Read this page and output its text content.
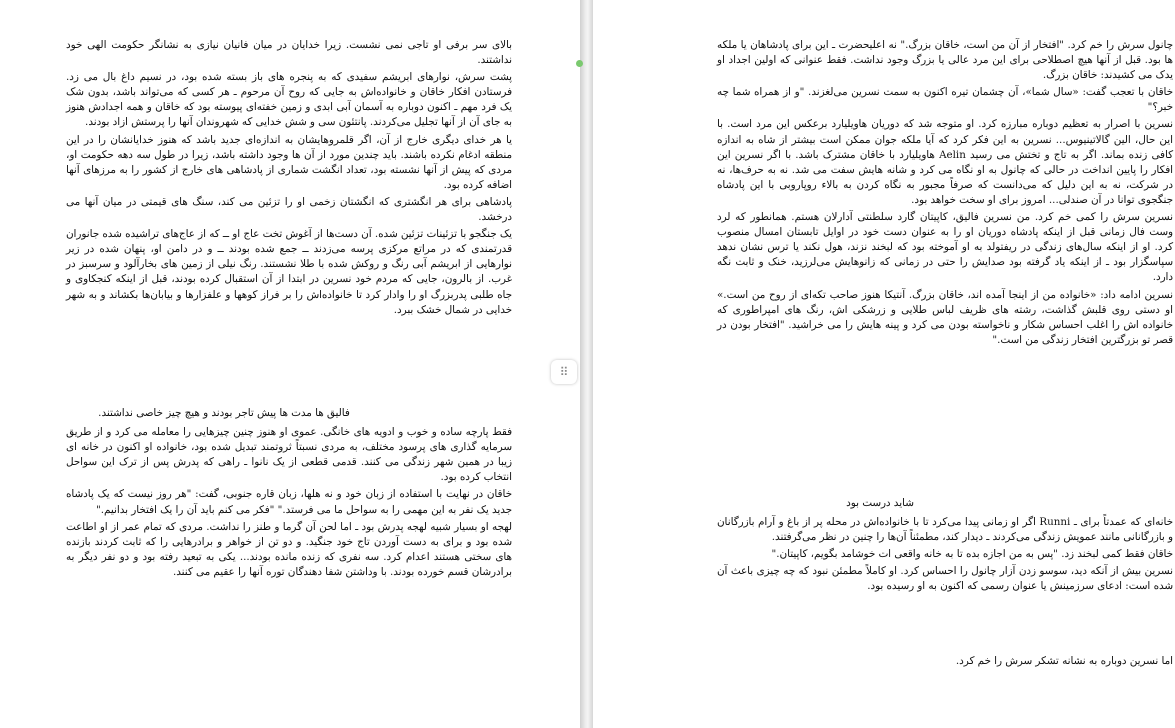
بالای سر برفی او تاجی نمی نشست. زیرا خدایان در میان فانیان نیازی به نشانگر حکومت الهی خود نداشتند.

پشت سرش، نوارهای ابریشم سفیدی که به پنجره های باز بسته شده بود، در نسیم داغ بال می زد. فرستادن افکار خاقان و خانواده‌اش به جایی که روح آن مرحوم ـ هر کسی که می‌تواند باشد، بدون شک یک فرد مهم ـ اکنون دوباره به آسمان آبی ابدی و زمین خفته‌ای پیوسته بود که خاقان و همه اجدادش هنوز به جای آن از آنها تجلیل می‌کردند. پانتئون سی و شش خدایی که شهروندان آنها را پرستش ازاد بودند.

یا هر خدای دیگری خارج از آن، اگر قلمروهایشان به اندازه‌ای جدید باشد که هنوز خدایانشان را در این منطقه ادغام نکرده باشند. باید چندین مورد از آن ها وجود داشته باشد، زیرا در طول سه دهه حکومت او، مردی که پیش از آنها نشسته بود، تعداد انگشت شماری از پادشاهی های خارج از کشور را به مرزهای آنها اضافه کرده بود.

پادشاهی برای هر انگشتری که انگشتان زخمی او را تزئین می کند، سنگ های قیمتی در میان آنها می درخشد.

یک جنگجو با تزئینات تزئین شده. آن دست‌ها از آغوش تخت عاج او ــ که از عاج‌های تراشیده شده جانوران قدرتمندی که در مراتع مرکزی پرسه می‌زدند ــ جمع شده بودند ــ و در دامن او، پنهان شده در زیر نوارهایی از ابریشم آبی رنگ و روکش شده با طلا نشستند. رنگ نیلی از زمین های بخارآلود و سرسبز در غرب. از بالرون، جایی که مردم خود نسرین در ابتدا از آن استقبال کرده بودند، قبل از اینکه کنجکاوی و جاه طلبی پدربزرگ او را وادار کرد تا خانواده‌اش را بر فراز کوهها و علفزارها و بیابان‌ها بکشاند و به شهر خدایی در شمال خشک ببرد.

فالیق ها مدت ها پیش تاجر بودند و هیچ چیز خاصی نداشتند.

فقط پارچه ساده و خوب و ادویه های خانگی. عموی او هنوز چنین چیزهایی را معامله می کرد و از طریق سرمایه گذاری های پرسود مختلف، به مردی نسبتاً ثروتمند تبدیل شده بود، خانواده او اکنون در خانه ای زیبا در همین شهر زندگی می کنند. قدمی قطعی از یک نانوا ـ راهی که پدرش پس از ترک این سواحل انتخاب کرده بود.

خاقان در نهایت با استفاده از زبان خود و نه هلها، زبان قاره جنوبی، گفت: "هر روز نیست که یک پادشاه جدید یک نفر به این مهمی را به سواحل ما می فرستد." "فکر می کنم باید آن را یک افتخار بدانیم."

لهجه او بسیار شبیه لهجه پدرش بود ـ اما لحن آن گرما و طنز را نداشت. مردی که تمام عمر از او اطاعت شده بود و برای به دست آوردن تاج خود جنگید. و دو تن از خواهر و برادرهایی را که ثابت کردند بازنده های سختی هستند اعدام کرد. سه نفری که زنده مانده بودند... یکی به تبعید رفته بود و دو نفر دیگر به برادرشان قسم خورده بودند. با وداشتن شفا دهندگان توره آنها را عقیم می کنند.

⠿

چانول سرش را خم کرد. "افتخار از آن من است، خاقان بزرگ." نه اعلیحضرت ـ این برای پادشاهان یا ملکه ها بود. قبل از آنها هیچ اصطلاحی برای این مرد عالی یا بزرگ وجود نداشت. فقط عنوانی که اولین اجداد او یدک می کشیدند: خاقان بزرگ.

خاقان با تعجب گفت: «سال شما»، آن چشمان تیره اکنون به سمت نسرین می‌لغزند. "و از همراه شما چه خبر؟"

نسرین با اصرار به تعظیم دوباره مبارزه کرد. او متوجه شد که دوریان هاویلیارد برعکس این مرد است. با این حال، الین گالاتینیوس... نسرین به این فکر کرد که آیا ملکه جوان ممکن است بیشتر از شاه به اندازه کافی زنده بماند. اگر به تاج و تختش می رسید Aelin هاویلیارد با خاقان مشترک باشد. با اگر نسرین این افکار را پایین انداخت در حالی که چانول به او نگاه می کرد و شانه هایش سفت می شد. نه به حرف‌ها، نه در شرکت، نه به این دلیل که می‌دانست که صرفاً مجبور به نگاه کردن به بالاء روپاروبی با این پادشاه جنگجوی توانا در آن صندلی... امروز برای او سخت خواهد بود.

نسرین سرش را کمی خم کرد. من نسرین فالیق، کاپیتان گارد سلطنتی آدارلان هستم. همانطور که لرد وست فال زمانی قبل از اینکه پادشاه دوریان او را به عنوان دست خود در اوایل تابستان امسال منصوب کرد. او از اینکه سال‌های زندگی در ریفتولد به او آموخته بود که لبخند نزند، هول نکند یا ترس نشان ندهد سپاسگزار بود ـ از اینکه یاد گرفته بود صدایش را حتی در زمانی که زانوهایش می‌لرزید، خنک و ثابت نگه دارد.

نسرین ادامه داد: «خانواده من از اینجا آمده اند، خاقان بزرگ. آنتیکا هنوز صاحب تکه‌ای از روح من است.» او دستی روی قلبش گذاشت، رشته های ظریف لباس طلایی و زرشکی اش، رنگ های امپراطوری که خانواده اش را اغلب احساس شکار و ناخواسته بودن می کرد و پینه هایش را می خراشید. "افتخار بودن در قصر تو بزرگترین افتخار زندگی من است."

شاید درست بود

خانه‌ای که عمدتاً برای ـ Runni اگر او زمانی پیدا می‌کرد تا با خانواده‌اش در محله پر از باغ و آرام بازرگانان و بازرگانانی مانند عمویش زندگی می‌کردند ـ دیدار کند، مطمئناً آن‌ها را چنین در نظر می‌گرفتند.

خاقان فقط کمی لبخند زد. "پس به من اجازه بده تا به خانه واقعی ات خوشامد بگویم، کاپیتان."

نسرین بیش از آنکه دید، سوسو زدن آزار چانول را احساس کرد. او کاملاً مطمئن نبود که چه چیزی باعث آن شده است: ادعای سرزمینش یا عنوان رسمی که اکنون به او رسیده بود.

اما نسرین دوباره به نشانه تشکر سرش را خم کرد.
